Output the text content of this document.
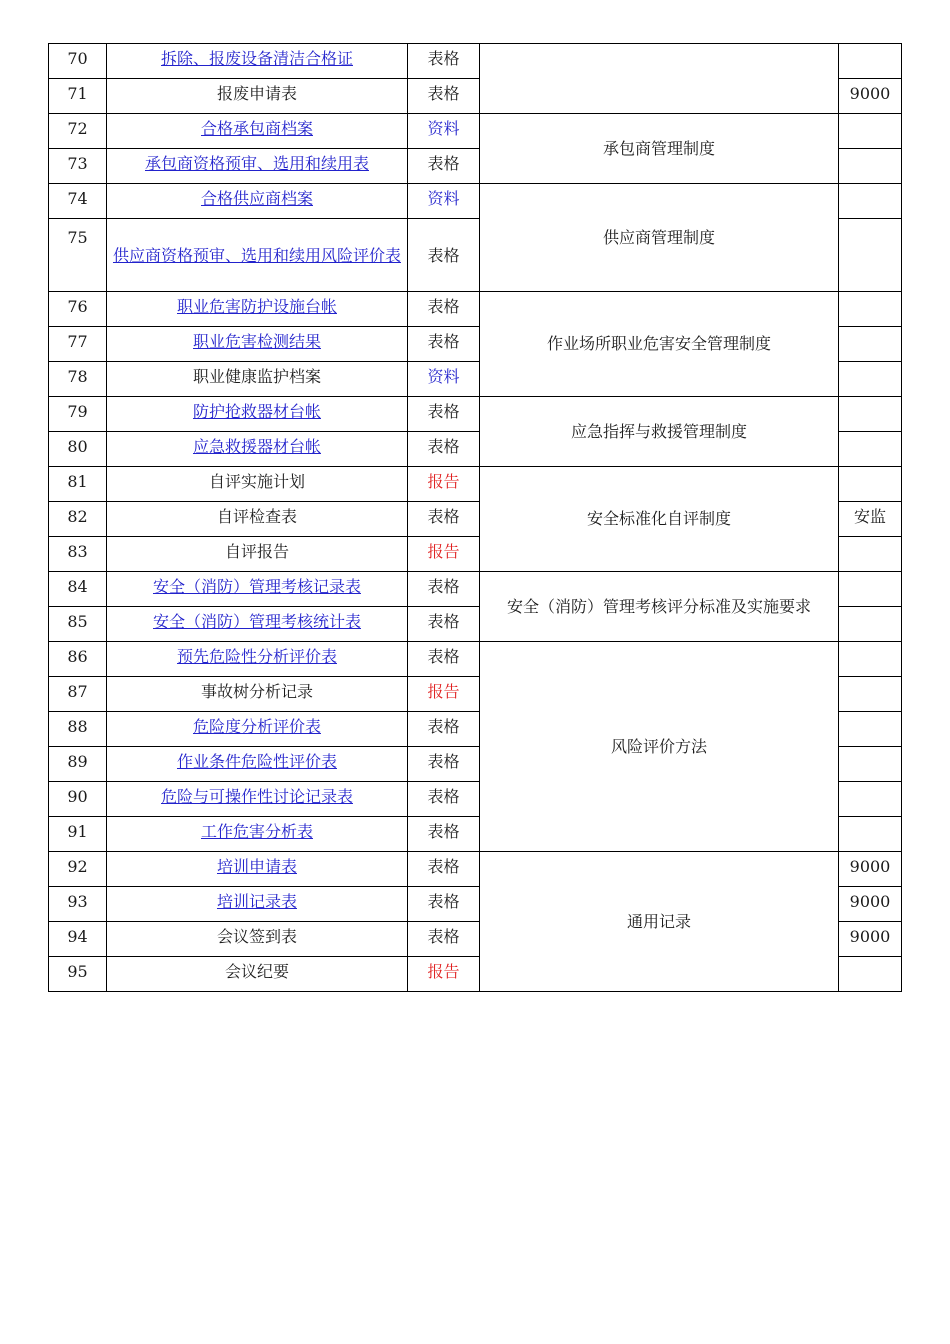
70	拆除、报废设备清洁合格证	表格		
71	报废申请表	表格		9000
72	合格承包商档案	资料	承包商管理制度	
73	承包商资格预审、选用和续用表	表格		
74	合格供应商档案	资料	供应商管理制度	
75	供应商资格预审、选用和续用风险评价表	表格		
76	职业危害防护设施台帐	表格	作业场所职业危害安全管理制度	
77	职业危害检测结果	表格		
78	职业健康监护档案	资料		
79	防护抢救器材台帐	表格	应急指挥与救援管理制度	
80	应急救援器材台帐	表格		
81	自评实施计划	报告	安全标准化自评制度	
82	自评检查表	表格		安监
83	自评报告	报告		
84	安全（消防）管理考核记录表	表格	安全（消防）管理考核评分标准及实施要求	
85	安全（消防）管理考核统计表	表格		
86	预先危险性分析评价表	表格	风险评价方法	
87	事故树分析记录	报告		
88	危险度分析评价表	表格		
89	作业条件危险性评价表	表格		
90	危险与可操作性讨论记录表	表格		
91	工作危害分析表	表格		
92	培训申请表	表格	通用记录	9000
93	培训记录表	表格		9000
94	会议签到表	表格		9000
95	会议纪要	报告		
